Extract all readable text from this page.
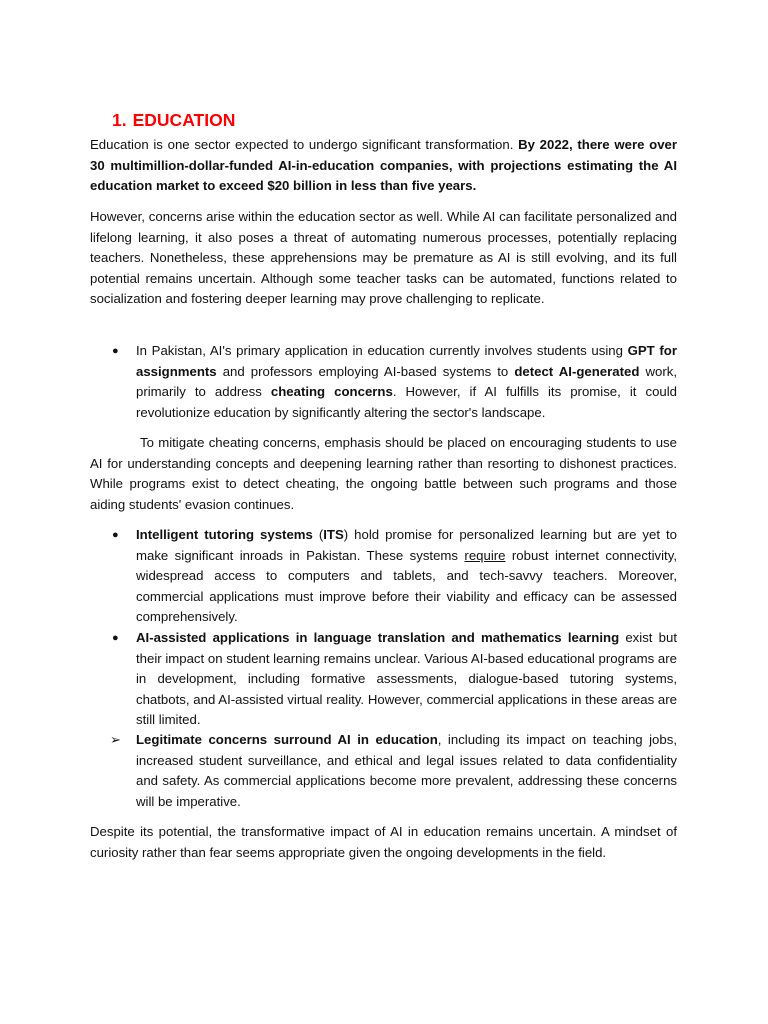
1. EDUCATION

Education is one sector expected to undergo significant transformation. By 2022, there were over 30 multimillion-dollar-funded AI-in-education companies, with projections estimating the AI education market to exceed $20 billion in less than five years.

However, concerns arise within the education sector as well. While AI can facilitate personalized and lifelong learning, it also poses a threat of automating numerous processes, potentially replacing teachers. Nonetheless, these apprehensions may be premature as AI is still evolving, and its full potential remains uncertain. Although some teacher tasks can be automated, functions related to socialization and fostering deeper learning may prove challenging to replicate.

●	In Pakistan, AI's primary application in education currently involves students using GPT for assignments and professors employing AI-based systems to detect AI-generated work, primarily to address cheating concerns. However, if AI fulfills its promise, it could revolutionize education by significantly altering the sector's landscape.

To mitigate cheating concerns, emphasis should be placed on encouraging students to use AI for understanding concepts and deepening learning rather than resorting to dishonest practices. While programs exist to detect cheating, the ongoing battle between such programs and those aiding students' evasion continues.

●	Intelligent tutoring systems (ITS) hold promise for personalized learning but are yet to make significant inroads in Pakistan. These systems require robust internet connectivity, widespread access to computers and tablets, and tech-savvy teachers. Moreover, commercial applications must improve before their viability and efficacy can be assessed comprehensively.
●	AI-assisted applications in language translation and mathematics learning exist but their impact on student learning remains unclear. Various AI-based educational programs are in development, including formative assessments, dialogue-based tutoring systems, chatbots, and AI-assisted virtual reality. However, commercial applications in these areas are still limited.
➢ Legitimate concerns surround AI in education, including its impact on teaching jobs, increased student surveillance, and ethical and legal issues related to data confidentiality and safety. As commercial applications become more prevalent, addressing these concerns will be imperative.

Despite its potential, the transformative impact of AI in education remains uncertain. A mindset of curiosity rather than fear seems appropriate given the ongoing developments in the field.
